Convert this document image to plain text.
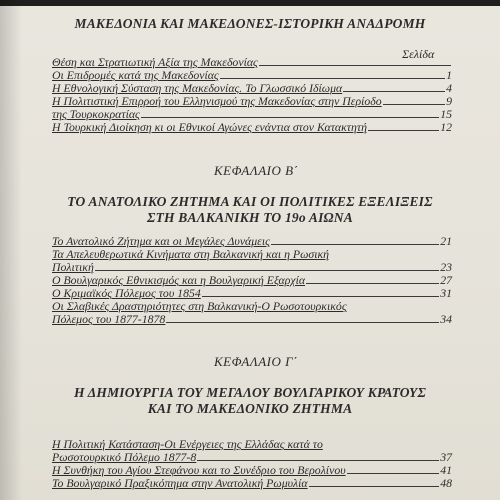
ΜΑΚΕΔΟΝΙΑ ΚΑΙ ΜΑΚΕΔΟΝΕΣ-ΙΣΤΟΡΙΚΗ ΑΝΑΔΡΟΜΗ
Σελίδα
Θέση και Στρατιωτική Αξία της Μακεδονίας
Οι Επιδρομές κατά της Μακεδονίας	1
Η Εθνολογική Σύσταση της Μακεδονίας. Το Γλωσσικό Ιδίωμα	4
Η Πολιτιστική Επιρροή του Ελληνισμού της Μακεδονίας στην Περίοδο	9
της Τουρκοκρατίας	15
Η Τουρκική Διοίκηση κι οι Εθνικοί Αγώνες ενάντια στον Κατακτητή	12
ΚΕΦΑΛΑΙΟ Β΄
ΤΟ ΑΝΑΤΟΛΙΚΟ ΖΗΤΗΜΑ ΚΑΙ ΟΙ ΠΟΛΙΤΙΚΕΣ ΕΞΕΛΙΞΕΙΣ
ΣΤΗ ΒΑΛΚΑΝΙΚΗ ΤΟ 19ο ΑΙΩΝΑ
Το Ανατολικό Ζήτημα και οι Μεγάλες Δυνάμεις	21
Τα Απελευθερωτικά Κινήματα στη Βαλκανική και η Ρωσική
Πολιτική	23
Ο Βουλγαρικός Εθνικισμός και η Βουλγαρική Εξαρχία	27
Ο Κριμαϊκός Πόλεμος του 1854	31
Οι Σλαβικές Δραστηριότητες στη Βαλκανική-Ο Ρωσοτουρκικός
Πόλεμος του 1877-1878	34
ΚΕΦΑΛΑΙΟ Γ΄
Η ΔΗΜΙΟΥΡΓΙΑ ΤΟΥ ΜΕΓΑΛΟΥ ΒΟΥΛΓΑΡΙΚΟΥ ΚΡΑΤΟΥΣ
ΚΑΙ ΤΟ ΜΑΚΕΔΟΝΙΚΟ ΖΗΤΗΜΑ
Η Πολιτική Κατάσταση-Οι Ενέργειες της Ελλάδας κατά το
Ρωσοτουρκικό Πόλεμο 1877-8	37
Η Συνθήκη του Αγίου Στεφάνου και το Συνέδριο του Βερολίνου	41
Το Βουλγαρικό Πραξικόπημα στην Ανατολική Ρωμυλία	48
